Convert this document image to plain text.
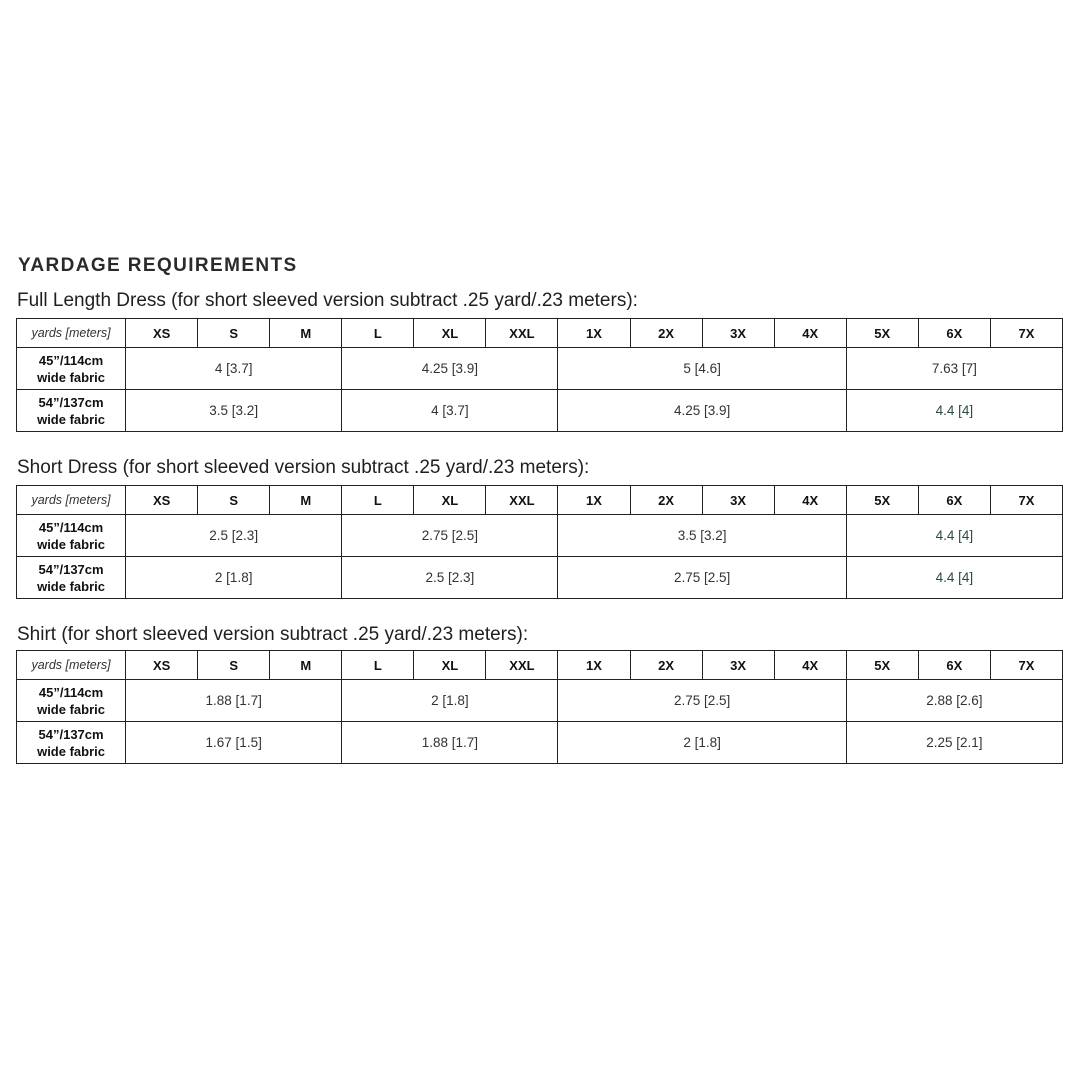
YARDAGE REQUIREMENTS
Full Length Dress (for short sleeved version subtract .25 yard/.23 meters):
yards [meters]	XS	S	M	L	XL	XXL	1X	2X	3X	4X	5X	6X	7X
45”/114cm
wide fabric	4 [3.7]			4.25 [3.9]			5 [4.6]				7.63 [7]		
54”/137cm
wide fabric	3.5 [3.2]			4 [3.7]			4.25 [3.9]				4.4 [4]		
Short Dress (for short sleeved version subtract .25 yard/.23 meters):
yards [meters]	XS	S	M	L	XL	XXL	1X	2X	3X	4X	5X	6X	7X
45”/114cm
wide fabric	2.5 [2.3]			2.75 [2.5]			3.5 [3.2]				4.4 [4]		
54”/137cm
wide fabric	2 [1.8]			2.5 [2.3]			2.75 [2.5]				4.4 [4]		
Shirt (for short sleeved version subtract .25 yard/.23 meters):
yards [meters]	XS	S	M	L	XL	XXL	1X	2X	3X	4X	5X	6X	7X
45”/114cm
wide fabric	1.88 [1.7]			2 [1.8]			2.75 [2.5]				2.88 [2.6]		
54”/137cm
wide fabric	1.67 [1.5]			1.88 [1.7]			2 [1.8]				2.25 [2.1]		
